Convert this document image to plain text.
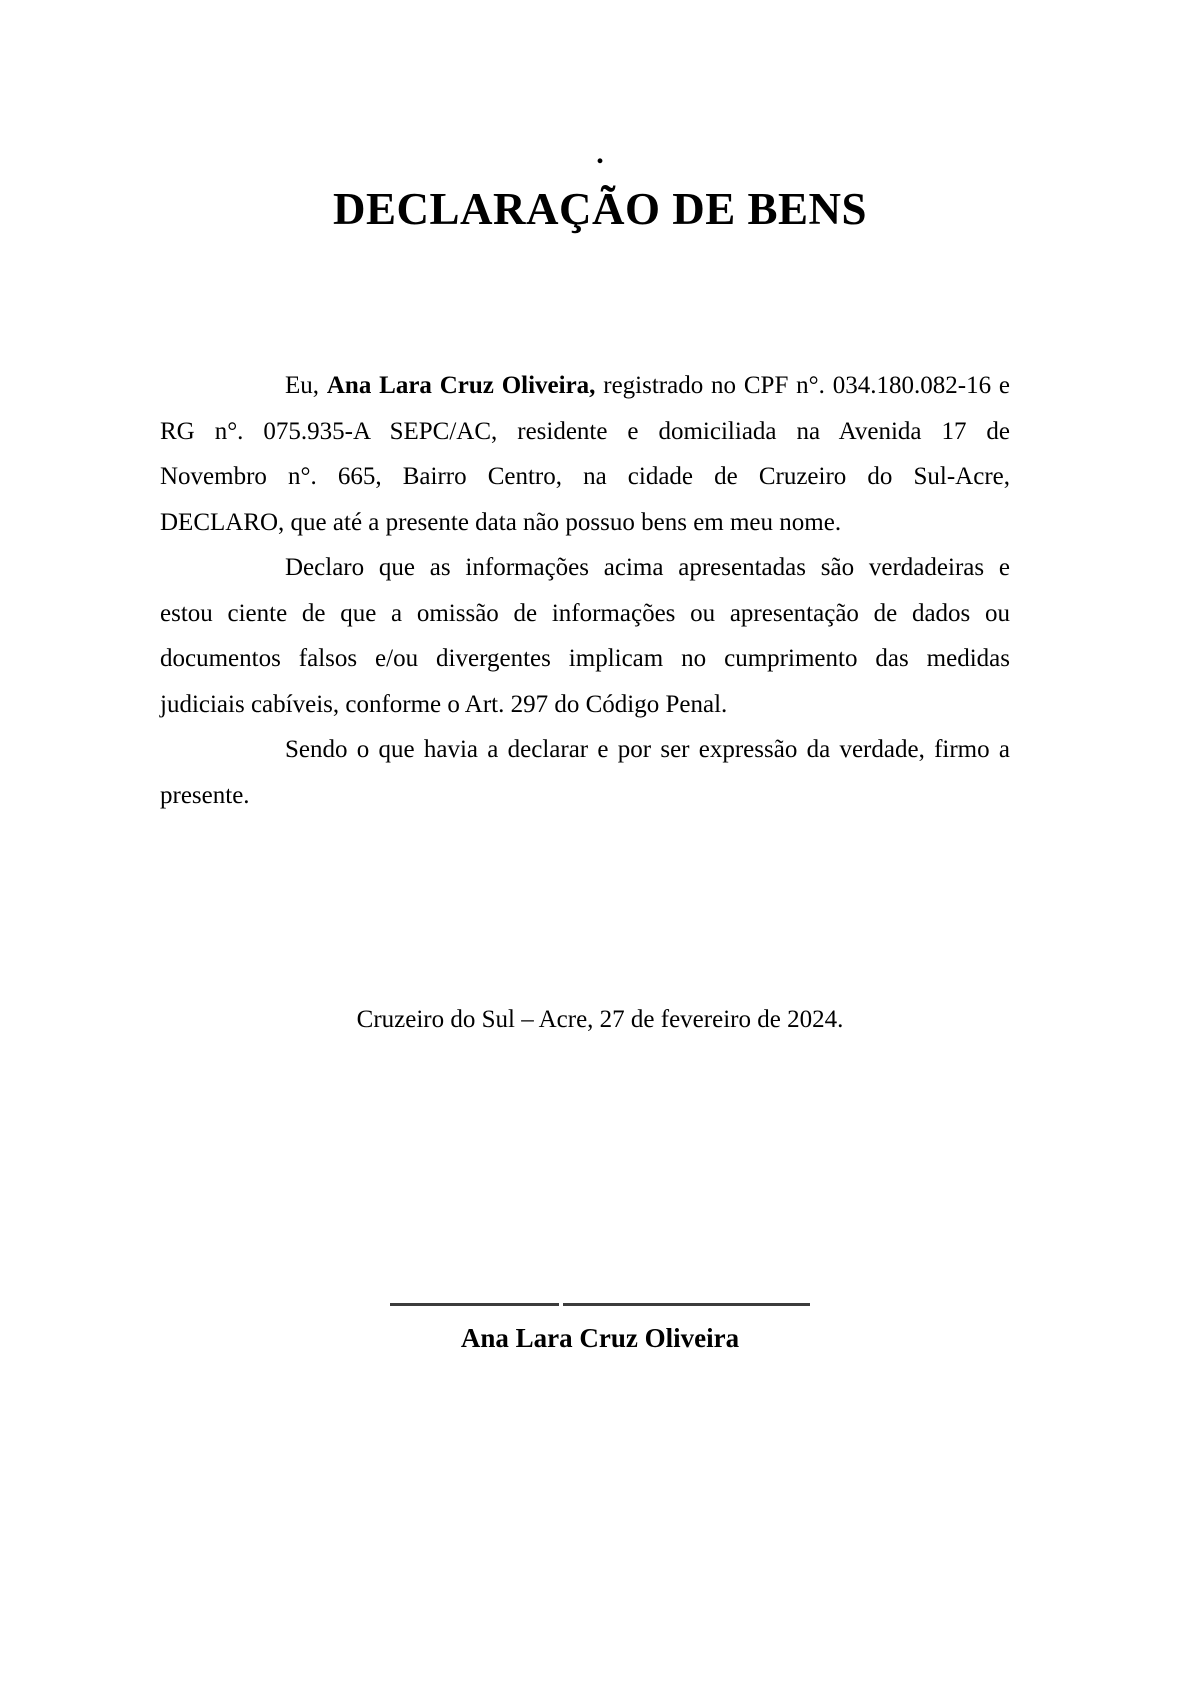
.
DECLARAÇÃO DE BENS
Eu, Ana Lara Cruz Oliveira, registrado no CPF n°. 034.180.082-16 e
RG n°. 075.935-A SEPC/AC, residente e domiciliada na Avenida 17 de
Novembro n°. 665, Bairro Centro, na cidade de Cruzeiro do Sul-Acre,
DECLARO, que até a presente data não possuo bens em meu nome.
Declaro que as informações acima apresentadas são verdadeiras e
estou ciente de que a omissão de informações ou apresentação de dados ou
documentos falsos e/ou divergentes implicam no cumprimento das medidas
judiciais cabíveis, conforme o Art. 297 do Código Penal.
Sendo o que havia a declarar e por ser expressão da verdade, firmo a
presente.
Cruzeiro do Sul – Acre, 27 de fevereiro de 2024.
Ana Lara Cruz Oliveira
